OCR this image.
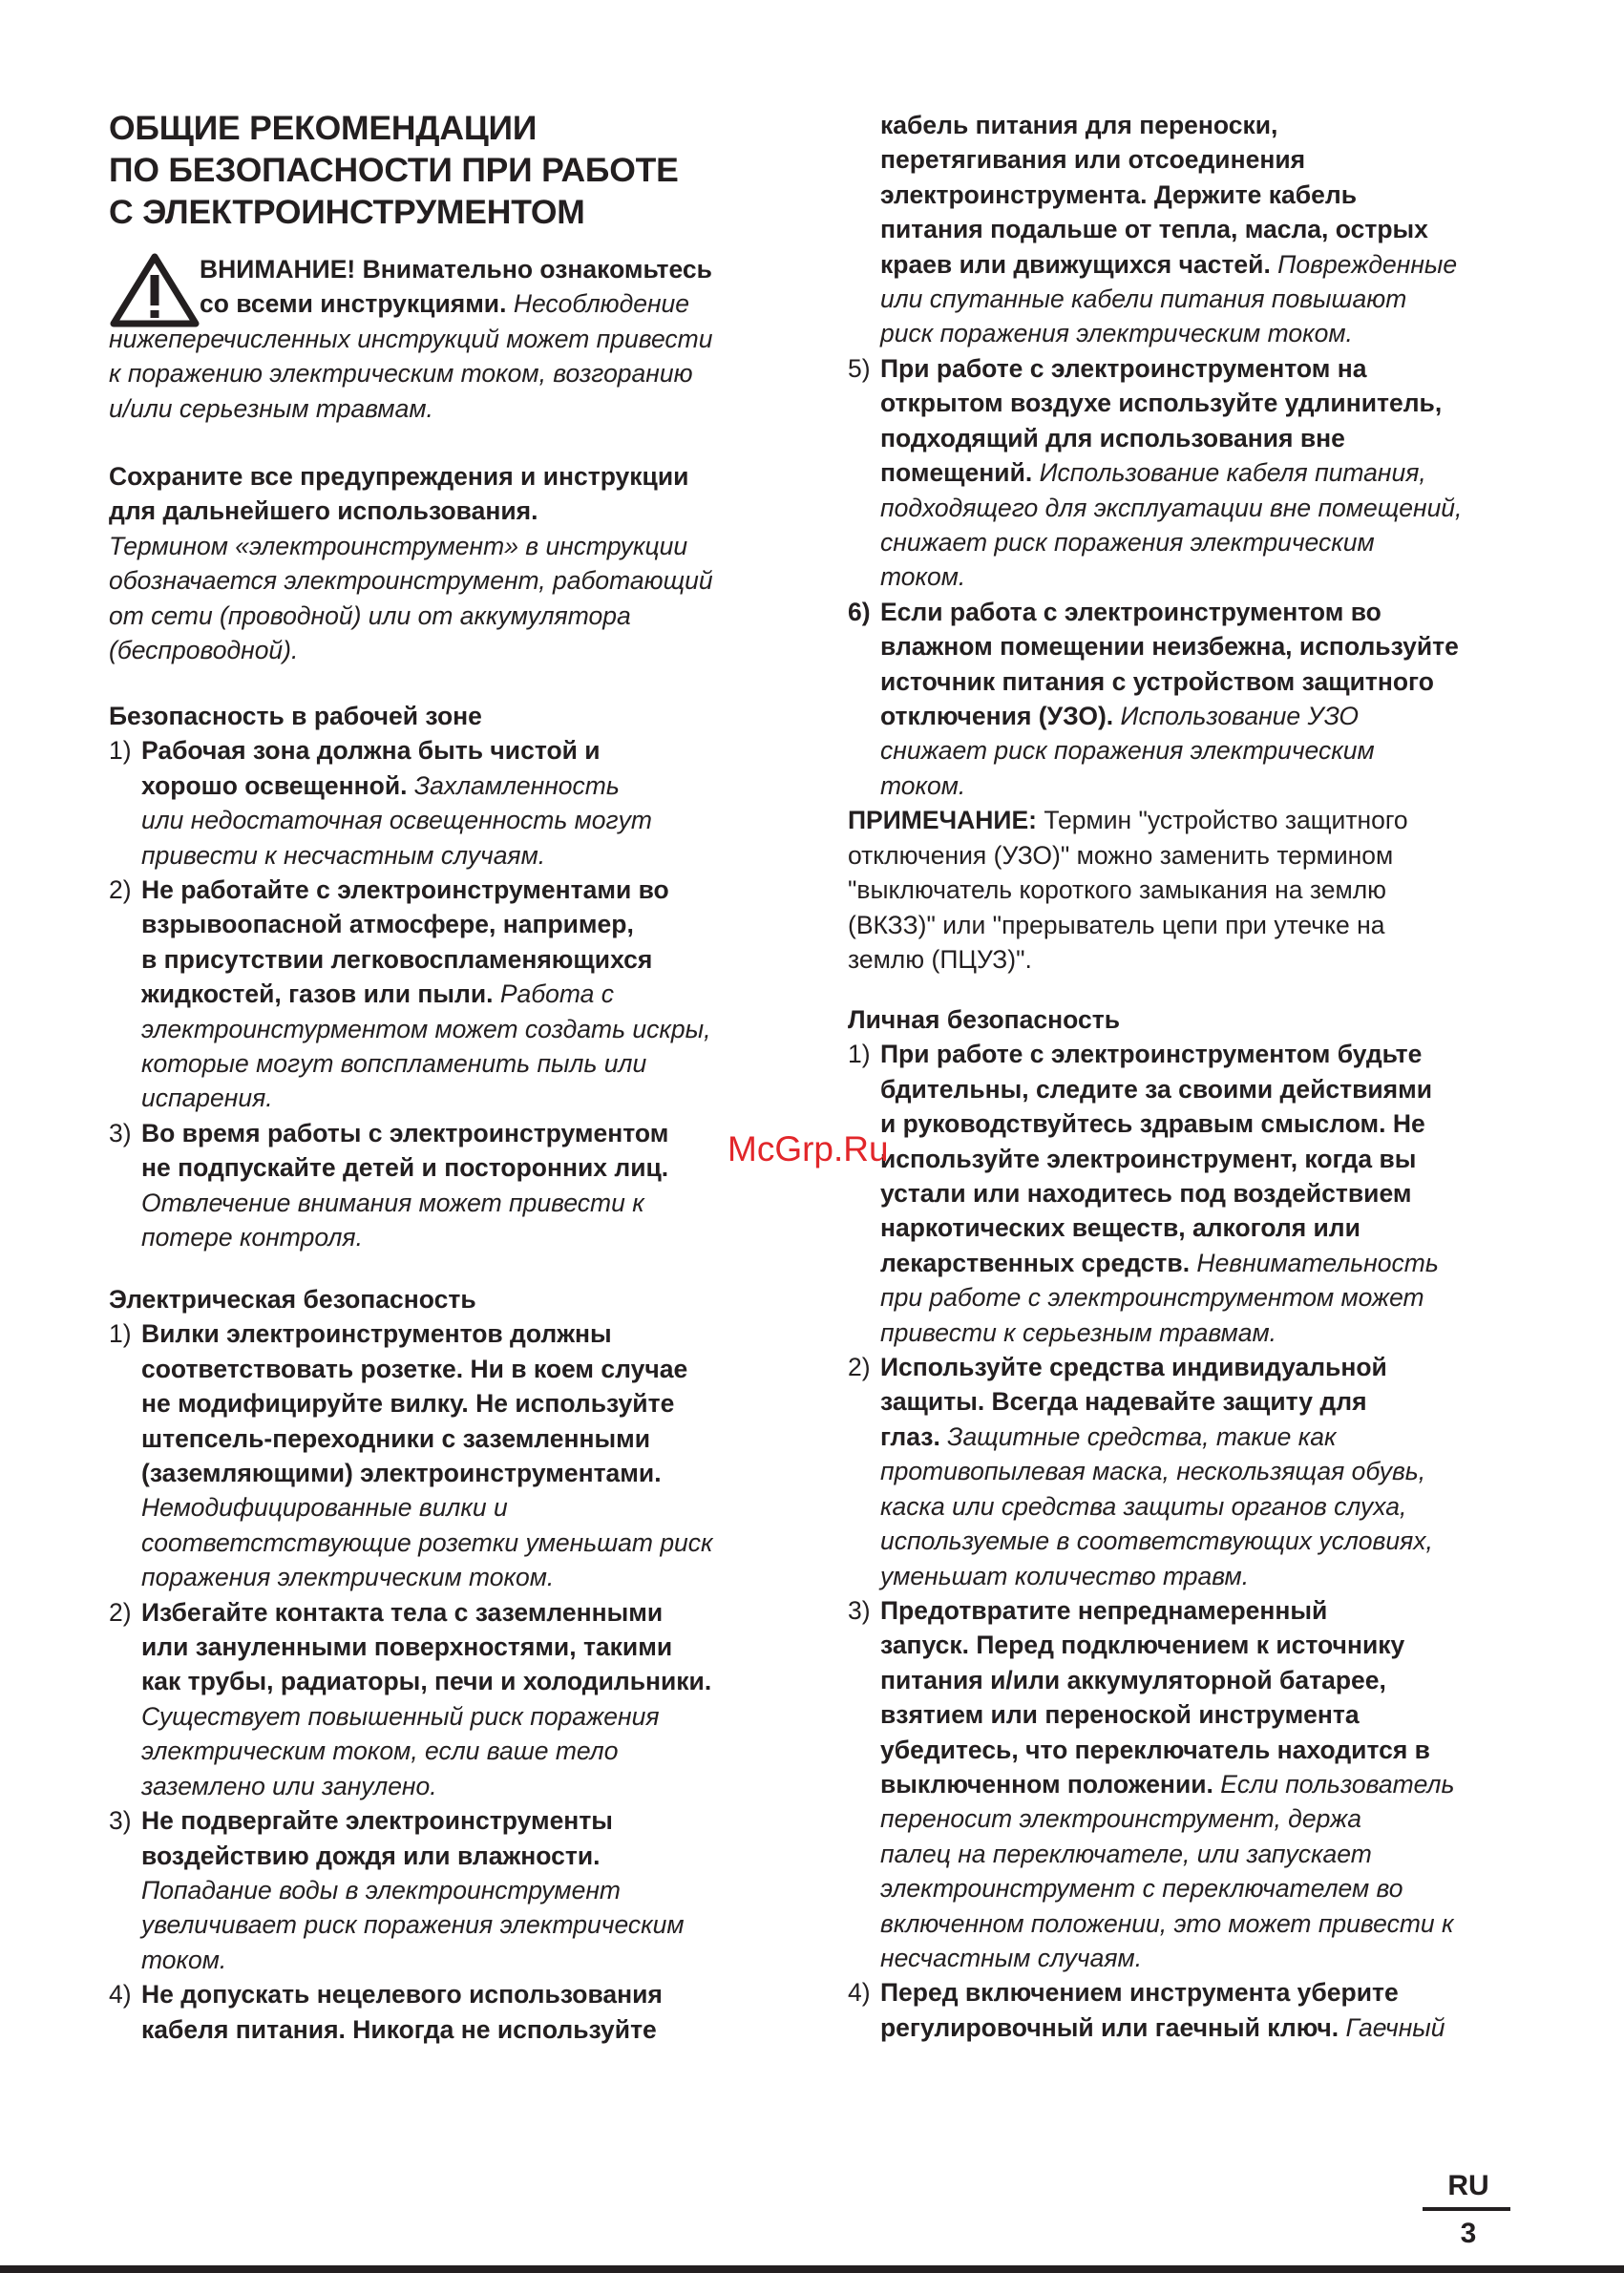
ОБЩИЕ РЕКОМЕНДАЦИИ
ПО БЕЗОПАСНОСТИ ПРИ РАБОТЕ
С ЭЛЕКТРОИНСТРУМЕНТОМ
ВНИМАНИЕ! Внимательно ознакомьтесь
со всеми инструкциями. Несоблюдение
нижеперечисленных инструкций может привести
к поражению электрическим током, возгоранию
и/или серьезным травмам.
Сохраните все предупреждения и инструкции
для дальнейшего использования.
Термином «электроинструмент» в инструкции
обозначается электроинструмент, работающий
от сети (проводной) или от аккумулятора
(беспроводной).
Безопасность в рабочей зоне
1) Рабочая зона должна быть чистой и
хорошо освещенной. Захламленность
или недостаточная освещенность могут
привести к несчастным случаям.
2) Не работайте с электроинструментами во
взрывоопасной атмосфере, например,
в присутствии легковоспламеняющихся
жидкостей, газов или пыли. Работа с
электроинстурментом может создать искры,
которые могут вопспламенить пыль или
испарения.
3) Во время работы с электроинструментом
не подпускайте детей и посторонних лиц.
Отвлечение внимания может привести к
потере контроля.
Электрическая безопасность
1) Вилки электроинструментов должны
соответствовать розетке. Ни в коем случае
не модифицируйте вилку. Не используйте
штепсель-переходники с заземленными
(заземляющими) электроинструментами.
Немодифицированные вилки и
соответстствующие розетки уменьшат риск
поражения электрическим током.
2) Избегайте контакта тела с заземленными
или зануленными поверхностями, такими
как трубы, радиаторы, печи и холодильники.
Существует повышенный риск поражения
электрическим током, если ваше тело
заземлено или занулено.
3) Не подвергайте электроинструменты
воздействию дождя или влажности.
Попадание воды в электроинструмент
увеличивает риск поражения электрическим
током.
4) Не допускать нецелевого использования
кабеля питания. Никогда не используйте
кабель питания для переноски,
перетягивания или отсоединения
электроинструмента. Держите кабель
питания подальше от тепла, масла, острых
краев или движущихся частей. Поврежденные
или спутанные кабели питания повышают
риск поражения электрическим током.
5) При работе с электроинструментом на
открытом воздухе используйте удлинитель,
подходящий для использования вне
помещений. Использование кабеля питания,
подходящего для эксплуатации вне помещений,
снижает риск поражения электрическим
током.
6) Если работа с электроинструментом во
влажном помещении неизбежна, используйте
источник питания с устройством защитного
отключения (УЗО). Использование УЗО
снижает риск поражения электрическим
током.
ПРИМЕЧАНИЕ: Термин "устройство защитного
отключения (УЗО)" можно заменить термином
"выключатель короткого замыкания на землю
(ВКЗЗ)" или "прерыватель цепи при утечке на
землю (ПЦУЗ)".
Личная безопасность
1) При работе с электроинструментом будьте
бдительны, следите за своими действиями
и руководствуйтесь здравым смыслом. Не
используйте электроинструмент, когда вы
устали или находитесь под воздействием
наркотических веществ, алкоголя или
лекарственных средств. Невнимательность
при работе с электроинструментом может
привести к серьезным травмам.
2) Используйте средства индивидуальной
защиты. Всегда надевайте защиту для
глаз. Защитные средства, такие как
противопылевая маска, нескользящая обувь,
каска или средства защиты органов слуха,
используемые в соответствующих условиях,
уменьшат количество травм.
3) Предотвратите непреднамеренный
запуск. Перед подключением к источнику
питания и/или аккумуляторной батарее,
взятием или переноской инструмента
убедитесь, что переключатель находится в
выключенном положении. Если пользователь
переносит электроинструмент, держа
палец на переключателе, или запускает
электроинструмент с переключателем во
включенном положении, это может привести к
несчастным случаям.
4) Перед включением инструмента уберите
регулировочный или гаечный ключ. Гаечный
McGrp.Ru
RU
3
